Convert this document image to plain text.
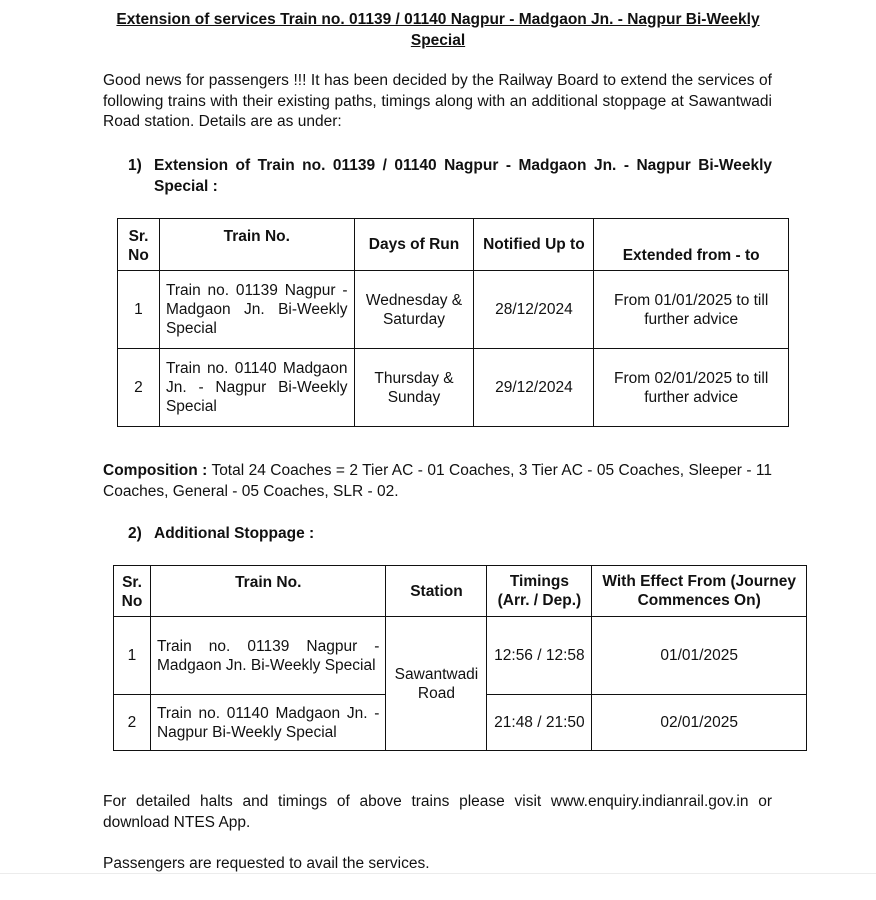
Extension of services Train no. 01139 / 01140 Nagpur - Madgaon Jn. - Nagpur Bi-Weekly Special
Good news for passengers !!! It has been decided by the Railway Board to extend the services of following trains with their existing paths, timings along with an additional stoppage at Sawantwadi Road station. Details are as under:
1) Extension of Train no. 01139 / 01140 Nagpur - Madgaon Jn. - Nagpur Bi-Weekly Special :
Sr. No	Train No.	Days of Run	Notified Up to	Extended from - to
1	Train no. 01139 Nagpur - Madgaon Jn. Bi-Weekly Special	Wednesday & Saturday	28/12/2024	From 01/01/2025 to till further advice
2	Train no. 01140 Madgaon Jn. - Nagpur Bi-Weekly Special	Thursday & Sunday	29/12/2024	From 02/01/2025 to till further advice
Composition : Total 24 Coaches = 2 Tier AC - 01 Coaches, 3 Tier AC - 05 Coaches, Sleeper - 11 Coaches, General - 05 Coaches, SLR - 02.
2) Additional Stoppage :
Sr. No	Train No.	Station	Timings (Arr. / Dep.)	With Effect From (Journey Commences On)
1	Train no. 01139 Nagpur - Madgaon Jn. Bi-Weekly Special	Sawantwadi Road	12:56 / 12:58	01/01/2025
2	Train no. 01140 Madgaon Jn. - Nagpur Bi-Weekly Special		21:48 / 21:50	02/01/2025
For detailed halts and timings of above trains please visit www.enquiry.indianrail.gov.in or download NTES App.
Passengers are requested to avail the services.
